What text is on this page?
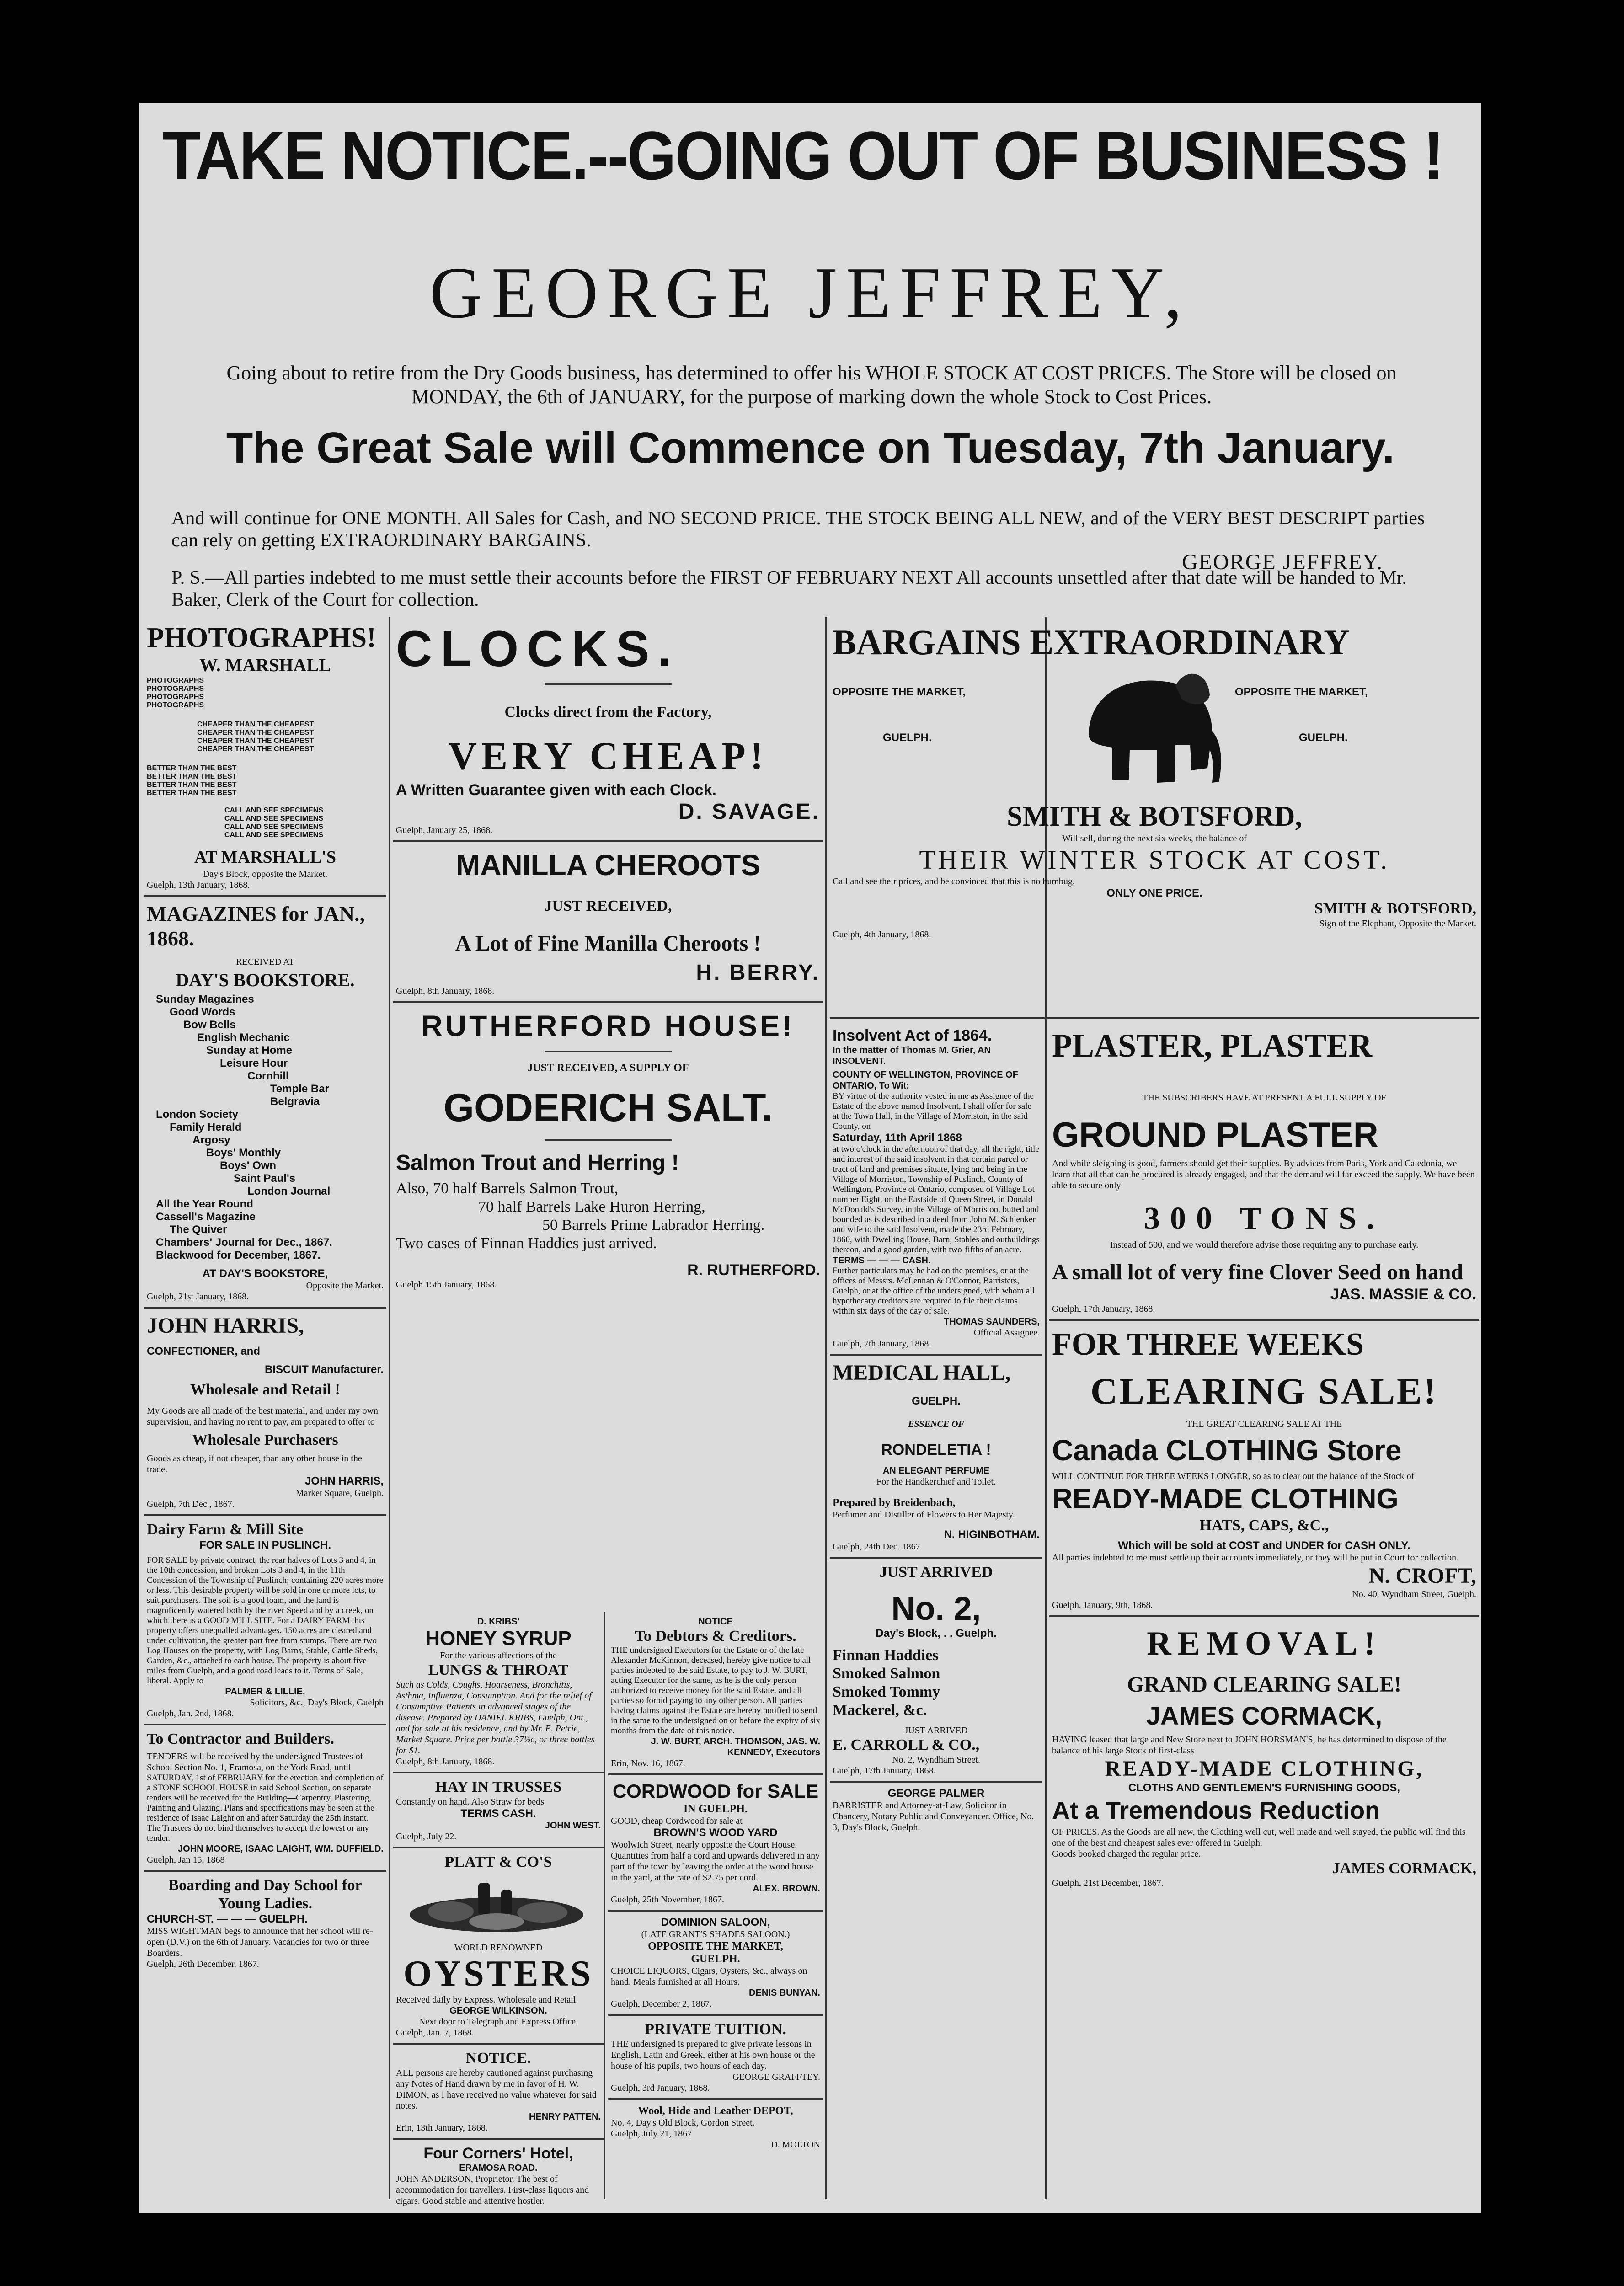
TAKE NOTICE.--GOING OUT OF BUSINESS !
GEORGE JEFFREY,
Going about to retire from the Dry Goods business, has determined to offer his WHOLE STOCK AT COST PRICES. The Store will be closed on MONDAY, the 6th of JANUARY, for the purpose of marking down the whole Stock to Cost Prices.
The Great Sale will Commence on Tuesday, 7th January.
And will continue for ONE MONTH. All Sales for Cash, and NO SECOND PRICE. THE STOCK BEING ALL NEW, and of the VERY BEST DESCRIPT parties can rely on getting EXTRAORDINARY BARGAINS.
GEORGE JEFFREY.
P. S.—All parties indebted to me must settle their accounts before the FIRST OF FEBRUARY NEXT All accounts unsettled after that date will be handed to Mr. Baker, Clerk of the Court for collection.
PHOTOGRAPHS!
W. MARSHALL
PHOTOGRAPHS
PHOTOGRAPHS
PHOTOGRAPHS
PHOTOGRAPHS
CHEAPER THAN THE CHEAPEST
CHEAPER THAN THE CHEAPEST
CHEAPER THAN THE CHEAPEST
CHEAPER THAN THE CHEAPEST
BETTER THAN THE BEST
BETTER THAN THE BEST
BETTER THAN THE BEST
BETTER THAN THE BEST
CALL AND SEE SPECIMENS
CALL AND SEE SPECIMENS
CALL AND SEE SPECIMENS
CALL AND SEE SPECIMENS
AT MARSHALL'S
Day's Block, opposite the Market.
Guelph, 13th January, 1868.
MAGAZINES for JAN., 1868.
RECEIVED AT
DAY'S BOOKSTORE.
Sunday Magazines
Good Words
Bow Bells
English Mechanic
Sunday at Home
Leisure Hour
Cornhill
Temple Bar
Belgravia
London Society
Family Herald
Argosy
Boys' Monthly
Boys' Own
Saint Paul's
London Journal
All the Year Round
Cassell's Magazine
The Quiver
Chambers' Journal for Dec., 1867.
Blackwood for December, 1867.
AT DAY'S BOOKSTORE,
Opposite the Market.
Guelph, 21st January, 1868.
JOHN HARRIS,
CONFECTIONER, and
BISCUIT Manufacturer.
Wholesale and Retail !
My Goods are all made of the best material, and under my own supervision, and having no rent to pay, am prepared to offer to
Wholesale Purchasers
Goods as cheap, if not cheaper, than any other house in the trade.
JOHN HARRIS,
Market Square, Guelph.
Guelph, 7th Dec., 1867.
Dairy Farm & Mill Site
FOR SALE IN PUSLINCH.
FOR SALE by private contract, the rear halves of Lots 3 and 4, in the 10th concession, and broken Lots 3 and 4, in the 11th Concession of the Township of Puslinch; containing 220 acres more or less. This desirable property will be sold in one or more lots, to suit purchasers. The soil is a good loam, and the land is magnificently watered both by the river Speed and by a creek, on which there is a GOOD MILL SITE. For a DAIRY FARM this property offers unequalled advantages. 150 acres are cleared and under cultivation, the greater part free from stumps. There are two Log Houses on the property, with Log Barns, Stable, Cattle Sheds, Garden, &c., attached to each house. The property is about five miles from Guelph, and a good road leads to it. Terms of Sale, liberal. Apply to
PALMER & LILLIE,
Solicitors, &c., Day's Block, Guelph
Guelph, Jan. 2nd, 1868.
To Contractor and Builders.
TENDERS will be received by the undersigned Trustees of School Section No. 1, Eramosa, on the York Road, until
SATURDAY, 1st of FEBRUARY for the erection and completion of a STONE SCHOOL HOUSE in said School Section, on separate tenders will be received for the Building—Carpentry, Plastering, Painting and Glazing. Plans and specifications may be seen at the residence of Isaac Laight on and after Saturday the 25th instant. The Trustees do not bind themselves to accept the lowest or any tender.
JOHN MOORE, ISAAC LAIGHT, WM. DUFFIELD.
Guelph, Jan 15, 1868
Boarding and Day School for Young Ladies.
CHURCH-ST. — — — GUELPH.
MISS WIGHTMAN begs to announce that her school will re-open (D.V.) on the 6th of January. Vacancies for two or three Boarders.
Guelph, 26th December, 1867.
CLOCKS.
Clocks direct from the Factory,
VERY CHEAP!
A Written Guarantee given with each Clock.
D. SAVAGE.
Guelph, January 25, 1868.
MANILLA CHEROOTS
JUST RECEIVED,
A Lot of Fine Manilla Cheroots !
H. BERRY.
Guelph, 8th January, 1868.
RUTHERFORD HOUSE!
JUST RECEIVED, A SUPPLY OF
GODERICH SALT.
Salmon Trout and Herring !
Also, 70 half Barrels Salmon Trout,
70 half Barrels Lake Huron Herring,
50 Barrels Prime Labrador Herring.
Two cases of Finnan Haddies just arrived.
R. RUTHERFORD.
Guelph 15th January, 1868.
D. KRIBS'
HONEY SYRUP
For the various affections of the
LUNGS & THROAT
Such as Colds, Coughs, Hoarseness, Bronchitis, Asthma, Influenza, Consumption. And for the relief of Consumptive Patients in advanced stages of the disease. Prepared by DANIEL KRIBS, Guelph, Ont., and for sale at his residence, and by Mr. E. Petrie, Market Square. Price per bottle 37½c, or three bottles for $1.
Guelph, 8th January, 1868.
HAY IN TRUSSES
Constantly on hand. Also Straw for beds
TERMS CASH.
JOHN WEST.
Guelph, July 22.
PLATT & CO'S
WORLD RENOWNED
OYSTERS
Received daily by Express. Wholesale and Retail.
GEORGE WILKINSON.
Next door to Telegraph and Express Office.
Guelph, Jan. 7, 1868.
NOTICE.
ALL persons are hereby cautioned against purchasing any Notes of Hand drawn by me in favor of H. W. DIMON, as I have received no value whatever for said notes.
HENRY PATTEN.
Erin, 13th January, 1868.
Four Corners' Hotel,
ERAMOSA ROAD.
JOHN ANDERSON, Proprietor. The best of accommodation for travellers. First-class liquors and cigars. Good stable and attentive hostler.
NOTICE
To Debtors & Creditors.
THE undersigned Executors for the Estate or of the late Alexander McKinnon, deceased, hereby give notice to all parties indebted to the said Estate, to pay to J. W. BURT, acting Executor for the same, as he is the only person authorized to receive money for the said Estate, and all parties so forbid paying to any other person. All parties having claims against the Estate are hereby notified to send in the same to the undersigned on or before the expiry of six months from the date of this notice.
J. W. BURT, ARCH. THOMSON, JAS. W. KENNEDY, Executors
Erin, Nov. 16, 1867.
CORDWOOD for SALE
IN GUELPH.
GOOD, cheap Cordwood for sale at
BROWN'S WOOD YARD
Woolwich Street, nearly opposite the Court House. Quantities from half a cord and upwards delivered in any part of the town by leaving the order at the wood house in the yard, at the rate of $2.75 per cord.
ALEX. BROWN.
Guelph, 25th November, 1867.
DOMINION SALOON,
(LATE GRANT'S SHADES SALOON.)
OPPOSITE THE MARKET,
GUELPH.
CHOICE LIQUORS, Cigars, Oysters, &c., always on hand. Meals furnished at all Hours.
DENIS BUNYAN.
Guelph, December 2, 1867.
PRIVATE TUITION.
THE undersigned is prepared to give private lessons in English, Latin and Greek, either at his own house or the house of his pupils, two hours of each day.
GEORGE GRAFFTEY.
Guelph, 3rd January, 1868.
Wool, Hide and Leather DEPOT,
No. 4, Day's Old Block, Gordon Street.
Guelph, July 21, 1867
D. MOLTON
BARGAINS EXTRAORDINARY
OPPOSITE THE MARKET,
GUELPH.
OPPOSITE THE MARKET,
GUELPH.
SMITH & BOTSFORD,
Will sell, during the next six weeks, the balance of
THEIR WINTER STOCK AT COST.
Call and see their prices, and be convinced that this is no humbug.
ONLY ONE PRICE.
SMITH & BOTSFORD,
Sign of the Elephant, Opposite the Market.
Guelph, 4th January, 1868.
Insolvent Act of 1864.
In the matter of Thomas M. Grier, AN INSOLVENT.
COUNTY OF WELLINGTON, PROVINCE OF ONTARIO, To Wit:
BY virtue of the authority vested in me as Assignee of the Estate of the above named Insolvent, I shall offer for sale at the Town Hall, in the Village of Morriston, in the said County, on
Saturday, 11th April 1868
at two o'clock in the afternoon of that day, all the right, title and interest of the said insolvent in that certain parcel or tract of land and premises situate, lying and being in the Village of Morriston, Township of Puslinch, County of Wellington, Province of Ontario, composed of Village Lot number Eight, on the Eastside of Queen Street, in Donald McDonald's Survey, in the Village of Morriston, butted and bounded as is described in a deed from John M. Schlenker and wife to the said Insolvent, made the 23rd February, 1860, with Dwelling House, Barn, Stables and outbuildings thereon, and a good garden, with two-fifths of an acre.
TERMS — — — CASH.
Further particulars may be had on the premises, or at the offices of Messrs. McLennan & O'Connor, Barristers, Guelph, or at the office of the undersigned, with whom all hypothecary creditors are required to file their claims within six days of the day of sale.
THOMAS SAUNDERS,
Official Assignee.
Guelph, 7th January, 1868.
MEDICAL HALL,
GUELPH.
ESSENCE OF
RONDELETIA !
AN ELEGANT PERFUME
For the Handkerchief and Toilet.
Prepared by Breidenbach,
Perfumer and Distiller of Flowers to Her Majesty.
N. HIGINBOTHAM.
Guelph, 24th Dec. 1867
JUST ARRIVED
No. 2,
Day's Block, . . Guelph.
Finnan Haddies
Smoked Salmon
Smoked Tommy
Mackerel, &c.
JUST ARRIVED
E. CARROLL & CO.,
No. 2, Wyndham Street.
Guelph, 17th January, 1868.
GEORGE PALMER
BARRISTER and Attorney-at-Law, Solicitor in Chancery, Notary Public and Conveyancer. Office, No. 3, Day's Block, Guelph.
PLASTER, PLASTER
THE SUBSCRIBERS HAVE AT PRESENT A FULL SUPPLY OF
GROUND PLASTER
And while sleighing is good, farmers should get their supplies. By advices from Paris, York and Caledonia, we learn that all that can be procured is already engaged, and that the demand will far exceed the supply. We have been able to secure only
300 TONS.
Instead of 500, and we would therefore advise those requiring any to purchase early.
A small lot of very fine Clover Seed on hand
JAS. MASSIE & CO.
Guelph, 17th January, 1868.
FOR THREE WEEKS
CLEARING SALE!
THE GREAT CLEARING SALE AT THE
Canada CLOTHING Store
WILL CONTINUE FOR THREE WEEKS LONGER, so as to clear out the balance of the Stock of
READY-MADE CLOTHING
HATS, CAPS, &C.,
Which will be sold at COST and UNDER for CASH ONLY.
All parties indebted to me must settle up their accounts immediately, or they will be put in Court for collection.
N. CROFT,
No. 40, Wyndham Street, Guelph.
Guelph, January, 9th, 1868.
REMOVAL!
GRAND CLEARING SALE!
JAMES CORMACK,
HAVING leased that large and New Store next to JOHN HORSMAN'S, he has determined to dispose of the balance of his large Stock of first-class
READY-MADE CLOTHING,
CLOTHS AND GENTLEMEN'S FURNISHING GOODS,
At a Tremendous Reduction
OF PRICES. As the Goods are all new, the Clothing well cut, well made and well stayed, the public will find this one of the best and cheapest sales ever offered in Guelph.
Goods booked charged the regular price.
JAMES CORMACK,
Guelph, 21st December, 1867.
